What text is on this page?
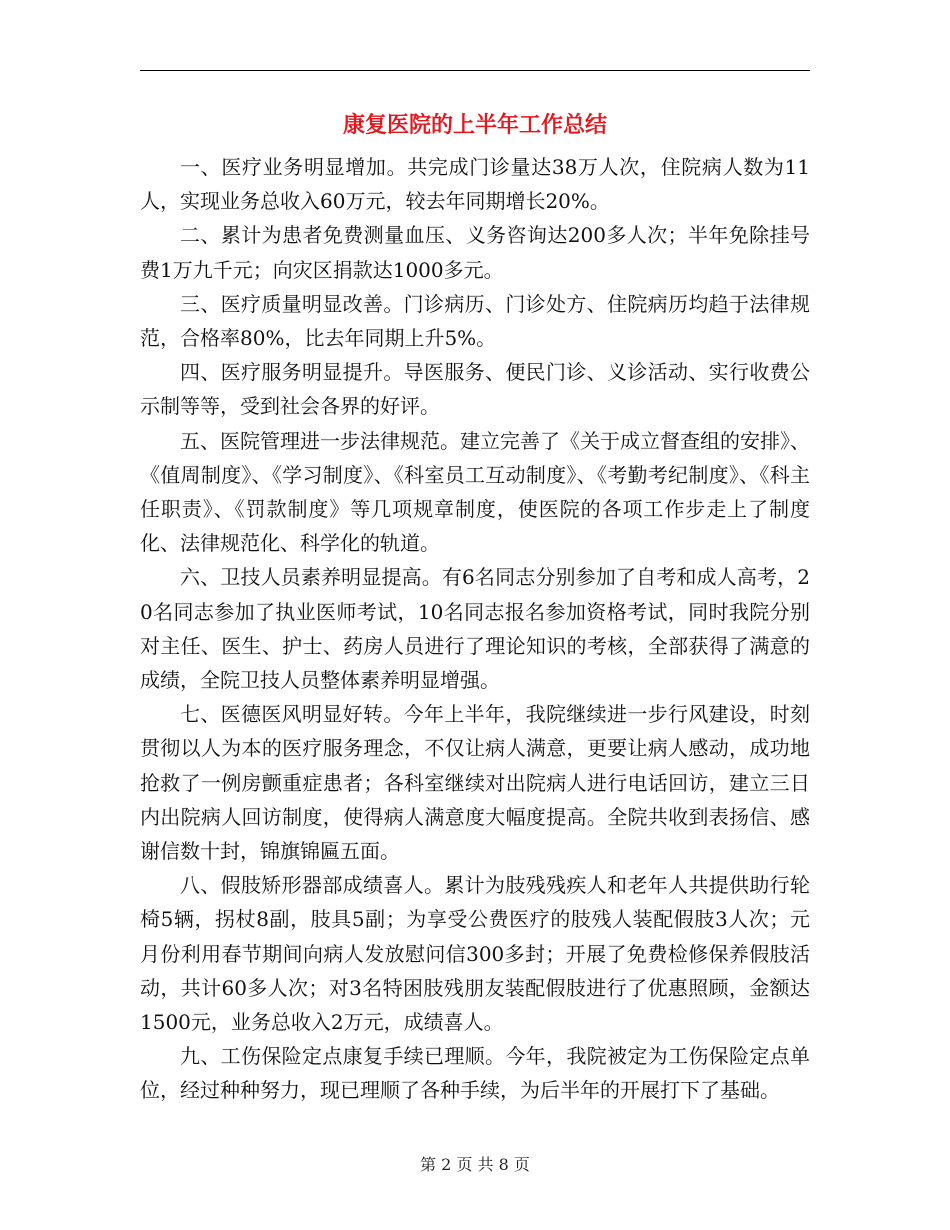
康复医院的上半年工作总结

一、医疗业务明显增加。共完成门诊量达38万人次，住院病人数为11人，实现业务总收入60万元，较去年同期增长20%。

二、累计为患者免费测量血压、义务咨询达200多人次；半年免除挂号费1万九千元；向灾区捐款达1000多元。

三、医疗质量明显改善。门诊病历、门诊处方、住院病历均趋于法律规范，合格率80%，比去年同期上升5%。

四、医疗服务明显提升。导医服务、便民门诊、义诊活动、实行收费公示制等等，受到社会各界的好评。

五、医院管理进一步法律规范。建立完善了《关于成立督查组的安排》、《值周制度》、《学习制度》、《科室员工互动制度》、《考勤考纪制度》、《科主任职责》、《罚款制度》等几项规章制度，使医院的各项工作步走上了制度化、法律规范化、科学化的轨道。

六、卫技人员素养明显提高。有6名同志分别参加了自考和成人高考，20名同志参加了执业医师考试，10名同志报名参加资格考试，同时我院分别对主任、医生、护士、药房人员进行了理论知识的考核，全部获得了满意的成绩，全院卫技人员整体素养明显增强。

七、医德医风明显好转。今年上半年，我院继续进一步行风建设，时刻贯彻以人为本的医疗服务理念，不仅让病人满意，更要让病人感动，成功地抢救了一例房颤重症患者；各科室继续对出院病人进行电话回访，建立三日内出院病人回访制度，使得病人满意度大幅度提高。全院共收到表扬信、感谢信数十封，锦旗锦匾五面。

八、假肢矫形器部成绩喜人。累计为肢残残疾人和老年人共提供助行轮椅5辆，拐杖8副，肢具5副；为享受公费医疗的肢残人装配假肢3人次；元月份利用春节期间向病人发放慰问信300多封；开展了免费检修保养假肢活动，共计60多人次；对3名特困肢残朋友装配假肢进行了优惠照顾，金额达1500元，业务总收入2万元，成绩喜人。

九、工伤保险定点康复手续已理顺。今年，我院被定为工伤保险定点单位，经过种种努力，现已理顺了各种手续，为后半年的开展打下了基础。

第 2 页 共 8 页
